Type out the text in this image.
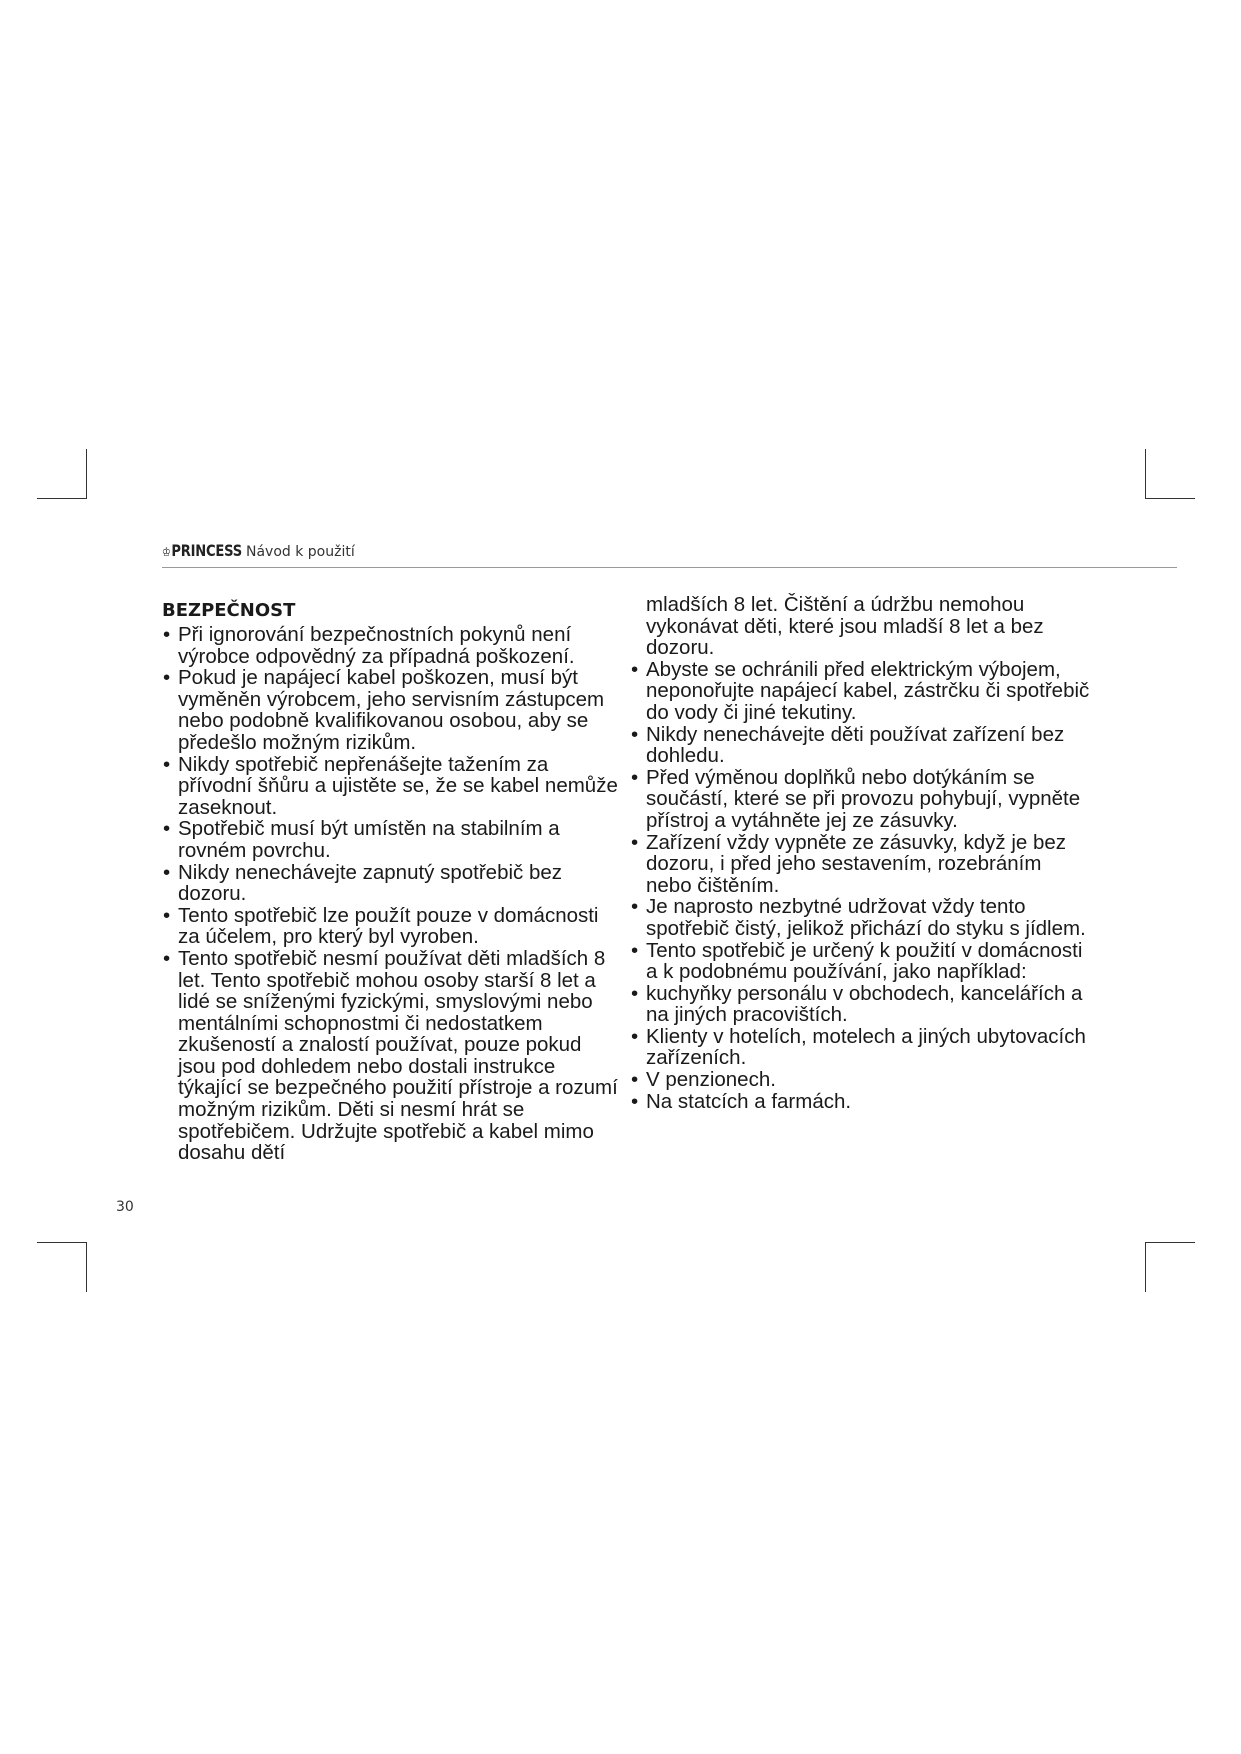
♔PRINCESS Návod k použití
BEZPEČNOST
• Při ignorování bezpečnostních pokynů není výrobce odpovědný za případná poškození.
• Pokud je napájecí kabel poškozen, musí být vyměněn výrobcem, jeho servisním zástupcem nebo podobně kvalifikovanou osobou, aby se předešlo možným rizikům.
• Nikdy spotřebič nepřenášejte tažením za přívodní šňůru a ujistěte se, že se kabel nemůže zaseknout.
• Spotřebič musí být umístěn na stabilním a rovném povrchu.
• Nikdy nenechávejte zapnutý spotřebič bez dozoru.
• Tento spotřebič lze použít pouze v domácnosti za účelem, pro který byl vyroben.
• Tento spotřebič nesmí používat děti mladších 8 let. Tento spotřebič mohou osoby starší 8 let a lidé se sníženými fyzickými, smyslovými nebo mentálními schopnostmi či nedostatkem zkušeností a znalostí používat, pouze pokud jsou pod dohledem nebo dostali instrukce týkající se bezpečného použití přístroje a rozumí možným rizikům. Děti si nesmí hrát se spotřebičem. Udržujte spotřebič a kabel mimo dosahu dětí

mladších 8 let. Čištění a údržbu nemohou vykonávat děti, které jsou mladší 8 let a bez dozoru.

• Abyste se ochránili před elektrickým výbojem, neponořujte napájecí kabel, zástrčku či spotřebič do vody či jiné tekutiny.
• Nikdy nenechávejte děti používat zařízení bez dohledu.
• Před výměnou doplňků nebo dotýkáním se součástí, které se při provozu pohybují, vypněte přístroj a vytáhněte jej ze zásuvky.
• Zařízení vždy vypněte ze zásuvky, když je bez dozoru, i před jeho sestavením, rozebráním nebo čištěním.
• Je naprosto nezbytné udržovat vždy tento spotřebič čistý, jelikož přichází do styku s jídlem.
• Tento spotřebič je určený k použití v domácnosti a k podobnému používání, jako například:
• kuchyňky personálu v obchodech, kancelářích a na jiných pracovištích.
• Klienty v hotelích, motelech a jiných ubytovacích zařízeních.
• V penzionech.
• Na statcích a farmách.
30
